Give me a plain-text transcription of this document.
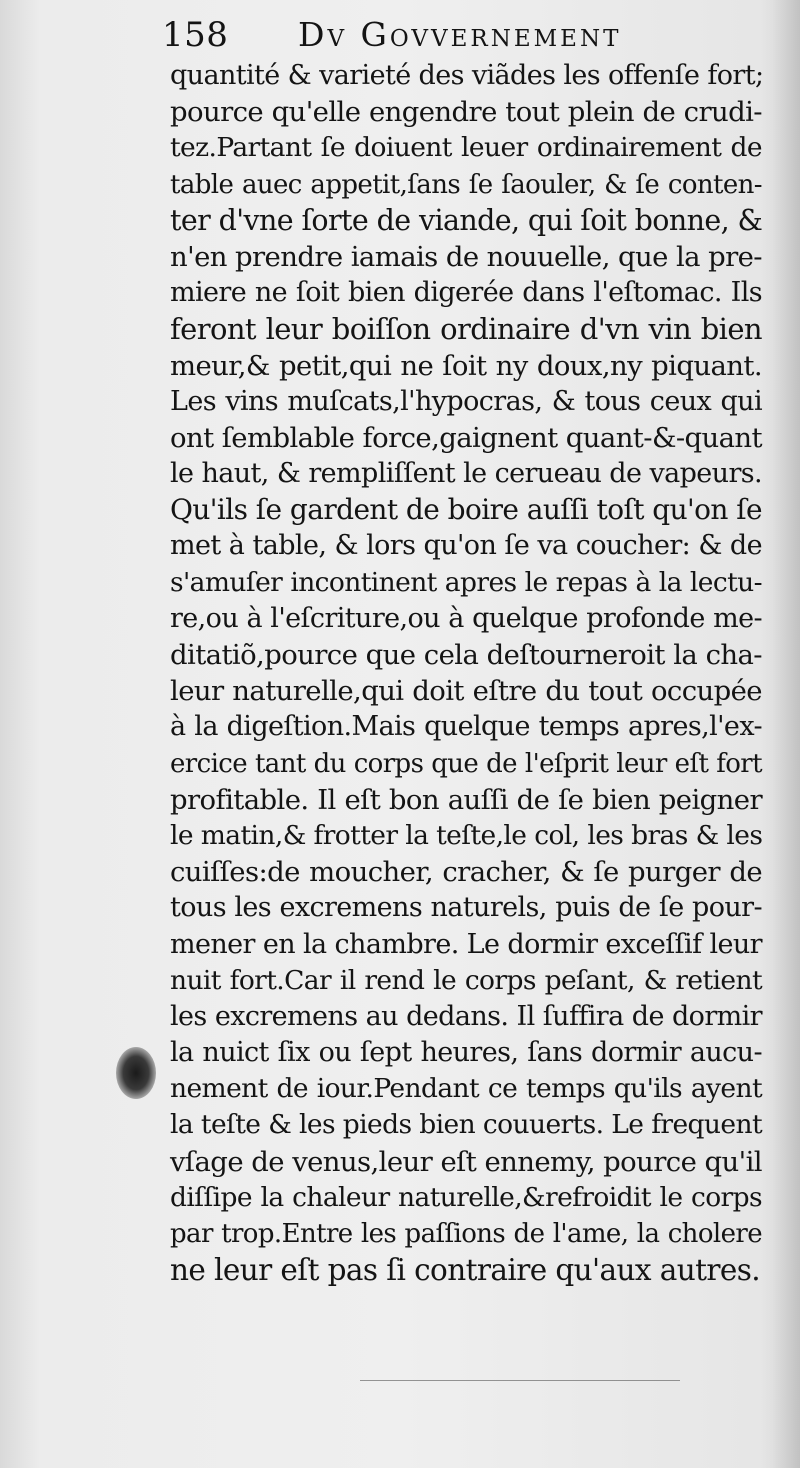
158 Dv Govvernement
quantité & varieté des viãdes les offenſe fort;
pource qu'elle engendre tout plein de crudi-
tez.Partant ſe doiuent leuer ordinairement de
table auec appetit,ſans ſe ſaouler, & ſe conten-
ter d'vne ſorte de viande, qui ſoit bonne, &
n'en prendre iamais de nouuelle, que la pre-
miere ne ſoit bien digerée dans l'eſtomac. Ils
feront leur boiſſon ordinaire d'vn vin bien
meur,& petit,qui ne ſoit ny doux,ny piquant.
Les vins muſcats,l'hypocras, & tous ceux qui
ont ſemblable force,gaignent quant-&-quant
le haut, & rempliſſent le cerueau de vapeurs.
Qu'ils ſe gardent de boire auſſi toſt qu'on ſe
met à table, & lors qu'on ſe va coucher: & de
s'amuſer incontinent apres le repas à la lectu-
re,ou à l'eſcriture,ou à quelque profonde me-
ditatiõ,pource que cela deſtourneroit la cha-
leur naturelle,qui doit eſtre du tout occupée
à la digeſtion.Mais quelque temps apres,l'ex-
ercice tant du corps que de l'eſprit leur eſt fort
profitable. Il eſt bon auſſi de ſe bien peigner
le matin,& frotter la teſte,le col, les bras & les
cuiſſes:de moucher, cracher, & ſe purger de
tous les excremens naturels, puis de ſe pour-
mener en la chambre. Le dormir exceſſif leur
nuit fort.Car il rend le corps peſant, & retient
les excremens au dedans. Il ſuffira de dormir
la nuict ſix ou ſept heures, ſans dormir aucu-
nement de iour.Pendant ce temps qu'ils ayent
la teſte & les pieds bien couuerts. Le frequent
vſage de venus,leur eſt ennemy, pource qu'il
diſſipe la chaleur naturelle,&refroidit le corps
par trop.Entre les paſſions de l'ame, la cholere
ne leur eſt pas ſi contraire qu'aux autres.
